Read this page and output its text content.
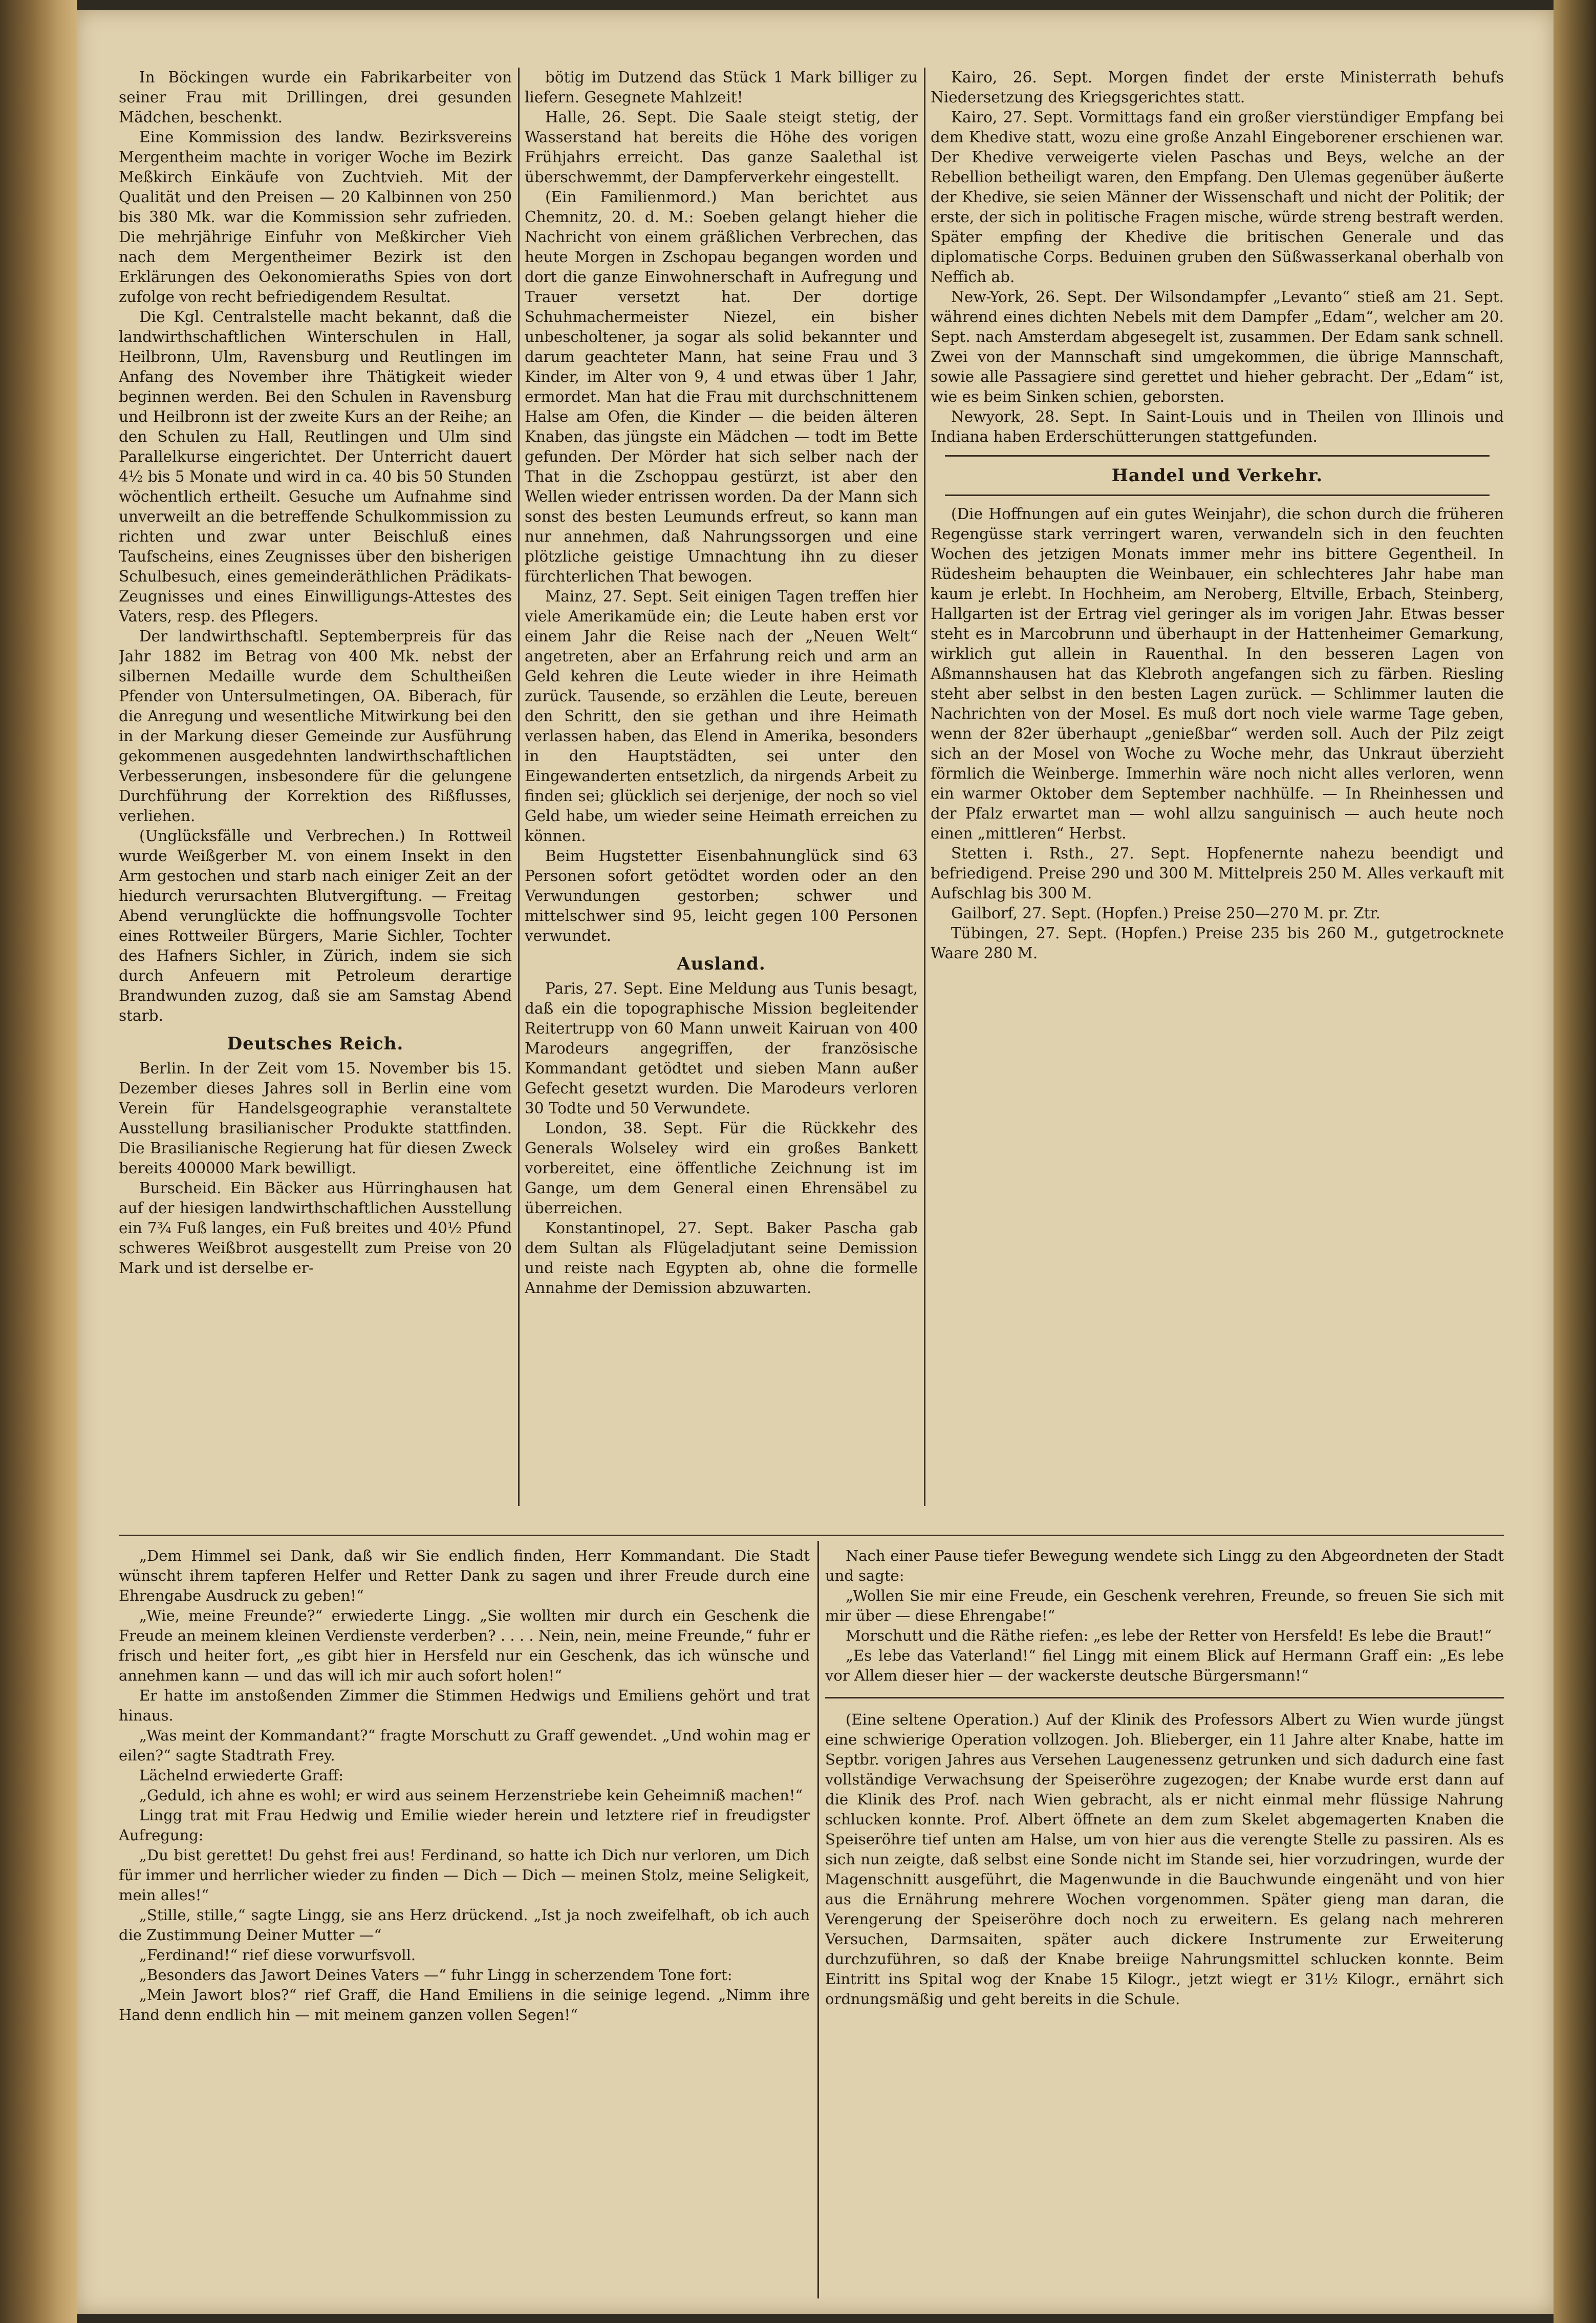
In Böckingen wurde ein Fabrikarbeiter von seiner Frau mit Drillingen, drei gesunden Mädchen, beschenkt.

Eine Kommission des landw. Bezirksvereins Mergentheim machte in voriger Woche im Bezirk Meßkirch Einkäufe von Zuchtvieh. Mit der Qualität und den Preisen — 20 Kalbinnen von 250 bis 380 Mk. war die Kommission sehr zufrieden. Die mehrjährige Einfuhr von Meßkircher Vieh nach dem Mergentheimer Bezirk ist den Erklärungen des Oekonomieraths Spies von dort zufolge von recht befriedigendem Resultat.

Die Kgl. Centralstelle macht bekannt, daß die landwirthschaftlichen Winterschulen in Hall, Heilbronn, Ulm, Ravensburg und Reutlingen im Anfang des November ihre Thätigkeit wieder beginnen werden. Bei den Schulen in Ravensburg und Heilbronn ist der zweite Kurs an der Reihe; an den Schulen zu Hall, Reutlingen und Ulm sind Parallelkurse eingerichtet. Der Unterricht dauert 4½ bis 5 Monate und wird in ca. 40 bis 50 Stunden wöchentlich ertheilt. Gesuche um Aufnahme sind unverweilt an die betreffende Schulkommission zu richten und zwar unter Beischluß eines Taufscheins, eines Zeugnisses über den bisherigen Schulbesuch, eines gemeinderäthlichen Prädikats-Zeugnisses und eines Einwilligungs-Attestes des Vaters, resp. des Pflegers.

Der landwirthschaftl. Septemberpreis für das Jahr 1882 im Betrag von 400 Mk. nebst der silbernen Medaille wurde dem Schultheißen Pfender von Untersulmetingen, OA. Biberach, für die Anregung und wesentliche Mitwirkung bei den in der Markung dieser Gemeinde zur Ausführung gekommenen ausgedehnten landwirthschaftlichen Verbesserungen, insbesondere für die gelungene Durchführung der Korrektion des Rißflusses, verliehen.

(Unglücksfälle und Verbrechen.) In Rottweil wurde Weißgerber M. von einem Insekt in den Arm gestochen und starb nach einiger Zeit an der hiedurch verursachten Blutvergiftung. — Freitag Abend verunglückte die hoffnungsvolle Tochter eines Rottweiler Bürgers, Marie Sichler, Tochter des Hafners Sichler, in Zürich, indem sie sich durch Anfeuern mit Petroleum derartige Brandwunden zuzog, daß sie am Samstag Abend starb.

Deutsches Reich.

Berlin. In der Zeit vom 15. November bis 15. Dezember dieses Jahres soll in Berlin eine vom Verein für Handelsgeographie veranstaltete Ausstellung brasilianischer Produkte stattfinden. Die Brasilianische Regierung hat für diesen Zweck bereits 400000 Mark bewilligt.

Burscheid. Ein Bäcker aus Hürringhausen hat auf der hiesigen landwirthschaftlichen Ausstellung ein 7¾ Fuß langes, ein Fuß breites und 40½ Pfund schweres Weißbrot ausgestellt zum Preise von 20 Mark und ist derselbe er-

bötig im Dutzend das Stück 1 Mark billiger zu liefern. Gesegnete Mahlzeit!

Halle, 26. Sept. Die Saale steigt stetig, der Wasserstand hat bereits die Höhe des vorigen Frühjahrs erreicht. Das ganze Saalethal ist überschwemmt, der Dampferverkehr eingestellt.

(Ein Familienmord.) Man berichtet aus Chemnitz, 20. d. M.: Soeben gelangt hieher die Nachricht von einem gräßlichen Verbrechen, das heute Morgen in Zschopau begangen worden und dort die ganze Einwohnerschaft in Aufregung und Trauer versetzt hat. Der dortige Schuhmachermeister Niezel, ein bisher unbescholtener, ja sogar als solid bekannter und darum geachteter Mann, hat seine Frau und 3 Kinder, im Alter von 9, 4 und etwas über 1 Jahr, ermordet. Man hat die Frau mit durchschnittenem Halse am Ofen, die Kinder — die beiden älteren Knaben, das jüngste ein Mädchen — todt im Bette gefunden. Der Mörder hat sich selber nach der That in die Zschoppau gestürzt, ist aber den Wellen wieder entrissen worden. Da der Mann sich sonst des besten Leumunds erfreut, so kann man nur annehmen, daß Nahrungssorgen und eine plötzliche geistige Umnachtung ihn zu dieser fürchterlichen That bewogen.

Mainz, 27. Sept. Seit einigen Tagen treffen hier viele Amerikamüde ein; die Leute haben erst vor einem Jahr die Reise nach der „Neuen Welt“ angetreten, aber an Erfahrung reich und arm an Geld kehren die Leute wieder in ihre Heimath zurück. Tausende, so erzählen die Leute, bereuen den Schritt, den sie gethan und ihre Heimath verlassen haben, das Elend in Amerika, besonders in den Hauptstädten, sei unter den Eingewanderten entsetzlich, da nirgends Arbeit zu finden sei; glücklich sei derjenige, der noch so viel Geld habe, um wieder seine Heimath erreichen zu können.

Beim Hugstetter Eisenbahnunglück sind 63 Personen sofort getödtet worden oder an den Verwundungen gestorben; schwer und mittelschwer sind 95, leicht gegen 100 Personen verwundet.

Ausland.

Paris, 27. Sept. Eine Meldung aus Tunis besagt, daß ein die topographische Mission begleitender Reitertrupp von 60 Mann unweit Kairuan von 400 Marodeurs angegriffen, der französische Kommandant getödtet und sieben Mann außer Gefecht gesetzt wurden. Die Marodeurs verloren 30 Todte und 50 Verwundete.

London, 38. Sept. Für die Rückkehr des Generals Wolseley wird ein großes Bankett vorbereitet, eine öffentliche Zeichnung ist im Gange, um dem General einen Ehrensäbel zu überreichen.

Konstantinopel, 27. Sept. Baker Pascha gab dem Sultan als Flügeladjutant seine Demission und reiste nach Egypten ab, ohne die formelle Annahme der Demission abzuwarten.

Kairo, 26. Sept. Morgen findet der erste Ministerrath behufs Niedersetzung des Kriegsgerichtes statt.

Kairo, 27. Sept. Vormittags fand ein großer vierstündiger Empfang bei dem Khedive statt, wozu eine große Anzahl Eingeborener erschienen war. Der Khedive verweigerte vielen Paschas und Beys, welche an der Rebellion betheiligt waren, den Empfang. Den Ulemas gegenüber äußerte der Khedive, sie seien Männer der Wissenschaft und nicht der Politik; der erste, der sich in politische Fragen mische, würde streng bestraft werden. Später empfing der Khedive die britischen Generale und das diplomatische Corps. Beduinen gruben den Süßwasserkanal oberhalb von Neffich ab.

New-York, 26. Sept. Der Wilsondampfer „Levanto“ stieß am 21. Sept. während eines dichten Nebels mit dem Dampfer „Edam“, welcher am 20. Sept. nach Amsterdam abgesegelt ist, zusammen. Der Edam sank schnell. Zwei von der Mannschaft sind umgekommen, die übrige Mannschaft, sowie alle Passagiere sind gerettet und hieher gebracht. Der „Edam“ ist, wie es beim Sinken schien, geborsten.

Newyork, 28. Sept. In Saint-Louis und in Theilen von Illinois und Indiana haben Erderschütterungen stattgefunden.

Handel und Verkehr.

(Die Hoffnungen auf ein gutes Weinjahr), die schon durch die früheren Regengüsse stark verringert waren, verwandeln sich in den feuchten Wochen des jetzigen Monats immer mehr ins bittere Gegentheil. In Rüdesheim behaupten die Weinbauer, ein schlechteres Jahr habe man kaum je erlebt. In Hochheim, am Neroberg, Eltville, Erbach, Steinberg, Hallgarten ist der Ertrag viel geringer als im vorigen Jahr. Etwas besser steht es in Marcobrunn und überhaupt in der Hattenheimer Gemarkung, wirklich gut allein in Rauenthal. In den besseren Lagen von Aßmannshausen hat das Klebroth angefangen sich zu färben. Riesling steht aber selbst in den besten Lagen zurück. — Schlimmer lauten die Nachrichten von der Mosel. Es muß dort noch viele warme Tage geben, wenn der 82er überhaupt „genießbar“ werden soll. Auch der Pilz zeigt sich an der Mosel von Woche zu Woche mehr, das Unkraut überzieht förmlich die Weinberge. Immerhin wäre noch nicht alles verloren, wenn ein warmer Oktober dem September nachhülfe. — In Rheinhessen und der Pfalz erwartet man — wohl allzu sanguinisch — auch heute noch einen „mittleren“ Herbst.

Stetten i. Rsth., 27. Sept. Hopfenernte nahezu beendigt und befriedigend. Preise 290 und 300 M. Mittelpreis 250 M. Alles verkauft mit Aufschlag bis 300 M.

Gailborf, 27. Sept. (Hopfen.) Preise 250—270 M. pr. Ztr.

Tübingen, 27. Sept. (Hopfen.) Preise 235 bis 260 M., gutgetrocknete Waare 280 M.

„Dem Himmel sei Dank, daß wir Sie endlich finden, Herr Kommandant. Die Stadt wünscht ihrem tapferen Helfer und Retter Dank zu sagen und ihrer Freude durch eine Ehrengabe Ausdruck zu geben!“

„Wie, meine Freunde?“ erwiederte Lingg. „Sie wollten mir durch ein Geschenk die Freude an meinem kleinen Verdienste verderben? . . . . Nein, nein, meine Freunde,“ fuhr er frisch und heiter fort, „es gibt hier in Hersfeld nur ein Geschenk, das ich wünsche und annehmen kann — und das will ich mir auch sofort holen!“

Er hatte im anstoßenden Zimmer die Stimmen Hedwigs und Emiliens gehört und trat hinaus.

„Was meint der Kommandant?“ fragte Morschutt zu Graff gewendet. „Und wohin mag er eilen?“ sagte Stadtrath Frey.

Lächelnd erwiederte Graff:

„Geduld, ich ahne es wohl; er wird aus seinem Herzenstriebe kein Geheimniß machen!“

Lingg trat mit Frau Hedwig und Emilie wieder herein und letztere rief in freudigster Aufregung:

„Du bist gerettet! Du gehst frei aus! Ferdinand, so hatte ich Dich nur verloren, um Dich für immer und herrlicher wieder zu finden — Dich — Dich — meinen Stolz, meine Seligkeit, mein alles!“

„Stille, stille,“ sagte Lingg, sie ans Herz drückend. „Ist ja noch zweifelhaft, ob ich auch die Zustimmung Deiner Mutter —“

„Ferdinand!“ rief diese vorwurfsvoll.

„Besonders das Jawort Deines Vaters —“ fuhr Lingg in scherzendem Tone fort:

„Mein Jawort blos?“ rief Graff, die Hand Emiliens in die seinige legend. „Nimm ihre Hand denn endlich hin — mit meinem ganzen vollen Segen!“

Nach einer Pause tiefer Bewegung wendete sich Lingg zu den Abgeordneten der Stadt und sagte:

„Wollen Sie mir eine Freude, ein Geschenk verehren, Freunde, so freuen Sie sich mit mir über — diese Ehrengabe!“

Morschutt und die Räthe riefen: „es lebe der Retter von Hersfeld! Es lebe die Braut!“

„Es lebe das Vaterland!“ fiel Lingg mit einem Blick auf Hermann Graff ein: „Es lebe vor Allem dieser hier — der wackerste deutsche Bürgersmann!“

(Eine seltene Operation.) Auf der Klinik des Professors Albert zu Wien wurde jüngst eine schwierige Operation vollzogen. Joh. Blieberger, ein 11 Jahre alter Knabe, hatte im Septbr. vorigen Jahres aus Versehen Laugenessenz getrunken und sich dadurch eine fast vollständige Verwachsung der Speiseröhre zugezogen; der Knabe wurde erst dann auf die Klinik des Prof. nach Wien gebracht, als er nicht einmal mehr flüssige Nahrung schlucken konnte. Prof. Albert öffnete an dem zum Skelet abgemagerten Knaben die Speiseröhre tief unten am Halse, um von hier aus die verengte Stelle zu passiren. Als es sich nun zeigte, daß selbst eine Sonde nicht im Stande sei, hier vorzudringen, wurde der Magenschnitt ausgeführt, die Magenwunde in die Bauchwunde eingenäht und von hier aus die Ernährung mehrere Wochen vorgenommen. Später gieng man daran, die Verengerung der Speiseröhre doch noch zu erweitern. Es gelang nach mehreren Versuchen, Darmsaiten, später auch dickere Instrumente zur Erweiterung durchzuführen, so daß der Knabe breiige Nahrungsmittel schlucken konnte. Beim Eintritt ins Spital wog der Knabe 15 Kilogr., jetzt wiegt er 31½ Kilogr., ernährt sich ordnungsmäßig und geht bereits in die Schule.
